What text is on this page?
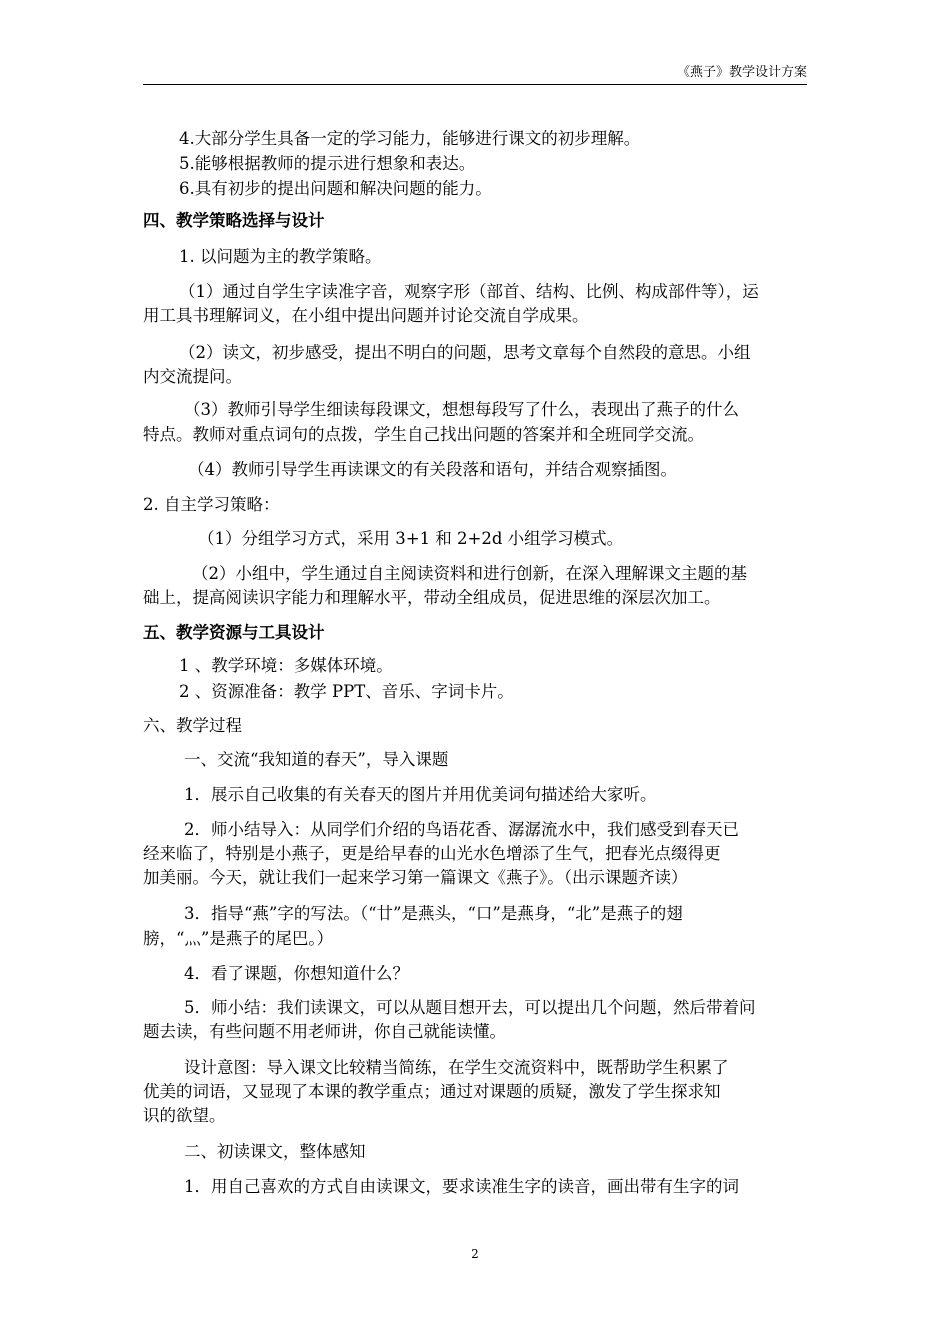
《燕子》教学设计方案
4.大部分学生具备一定的学习能力，能够进行课文的初步理解。
5.能够根据教师的提示进行想象和表达。
6.具有初步的提出问题和解决问题的能力。
四、教学策略选择与设计
1. 以问题为主的教学策略。
（1）通过自学生字读准字音，观察字形（部首、结构、比例、构成部件等），运
用工具书理解词义，在小组中提出问题并讨论交流自学成果。
（2）读文，初步感受，提出不明白的问题，思考文章每个自然段的意思。小组
内交流提问。
（3）教师引导学生细读每段课文，想想每段写了什么，表现出了燕子的什么
特点。教师对重点词句的点拨，学生自己找出问题的答案并和全班同学交流。
（4）教师引导学生再读课文的有关段落和语句，并结合观察插图。
2. 自主学习策略：
（1）分组学习方式，采用 3+1 和 2+2d 小组学习模式。
（2）小组中，学生通过自主阅读资料和进行创新，在深入理解课文主题的基
础上，提高阅读识字能力和理解水平，带动全组成员，促进思维的深层次加工。
五、教学资源与工具设计
1 、教学环境：多媒体环境。
2 、资源准备：教学 PPT、音乐、字词卡片。
六、教学过程
一、交流“我知道的春天”，导入课题
1．展示自己收集的有关春天的图片并用优美词句描述给大家听。
2．师小结导入：从同学们介绍的鸟语花香、潺潺流水中，我们感受到春天已
经来临了，特别是小燕子，更是给早春的山光水色增添了生气，把春光点缀得更
加美丽。今天，就让我们一起来学习第一篇课文《燕子》。（出示课题齐读）
3．指导“燕”字的写法。（“廿”是燕头，“口”是燕身，“北”是燕子的翅
膀，“灬”是燕子的尾巴。）
4．看了课题，你想知道什么？
5．师小结：我们读课文，可以从题目想开去，可以提出几个问题，然后带着问
题去读，有些问题不用老师讲，你自己就能读懂。
设计意图：导入课文比较精当简练，在学生交流资料中，既帮助学生积累了
优美的词语，又显现了本课的教学重点；通过对课题的质疑，激发了学生探求知
识的欲望。
二、初读课文，整体感知
1．用自己喜欢的方式自由读课文，要求读准生字的读音，画出带有生字的词
2
